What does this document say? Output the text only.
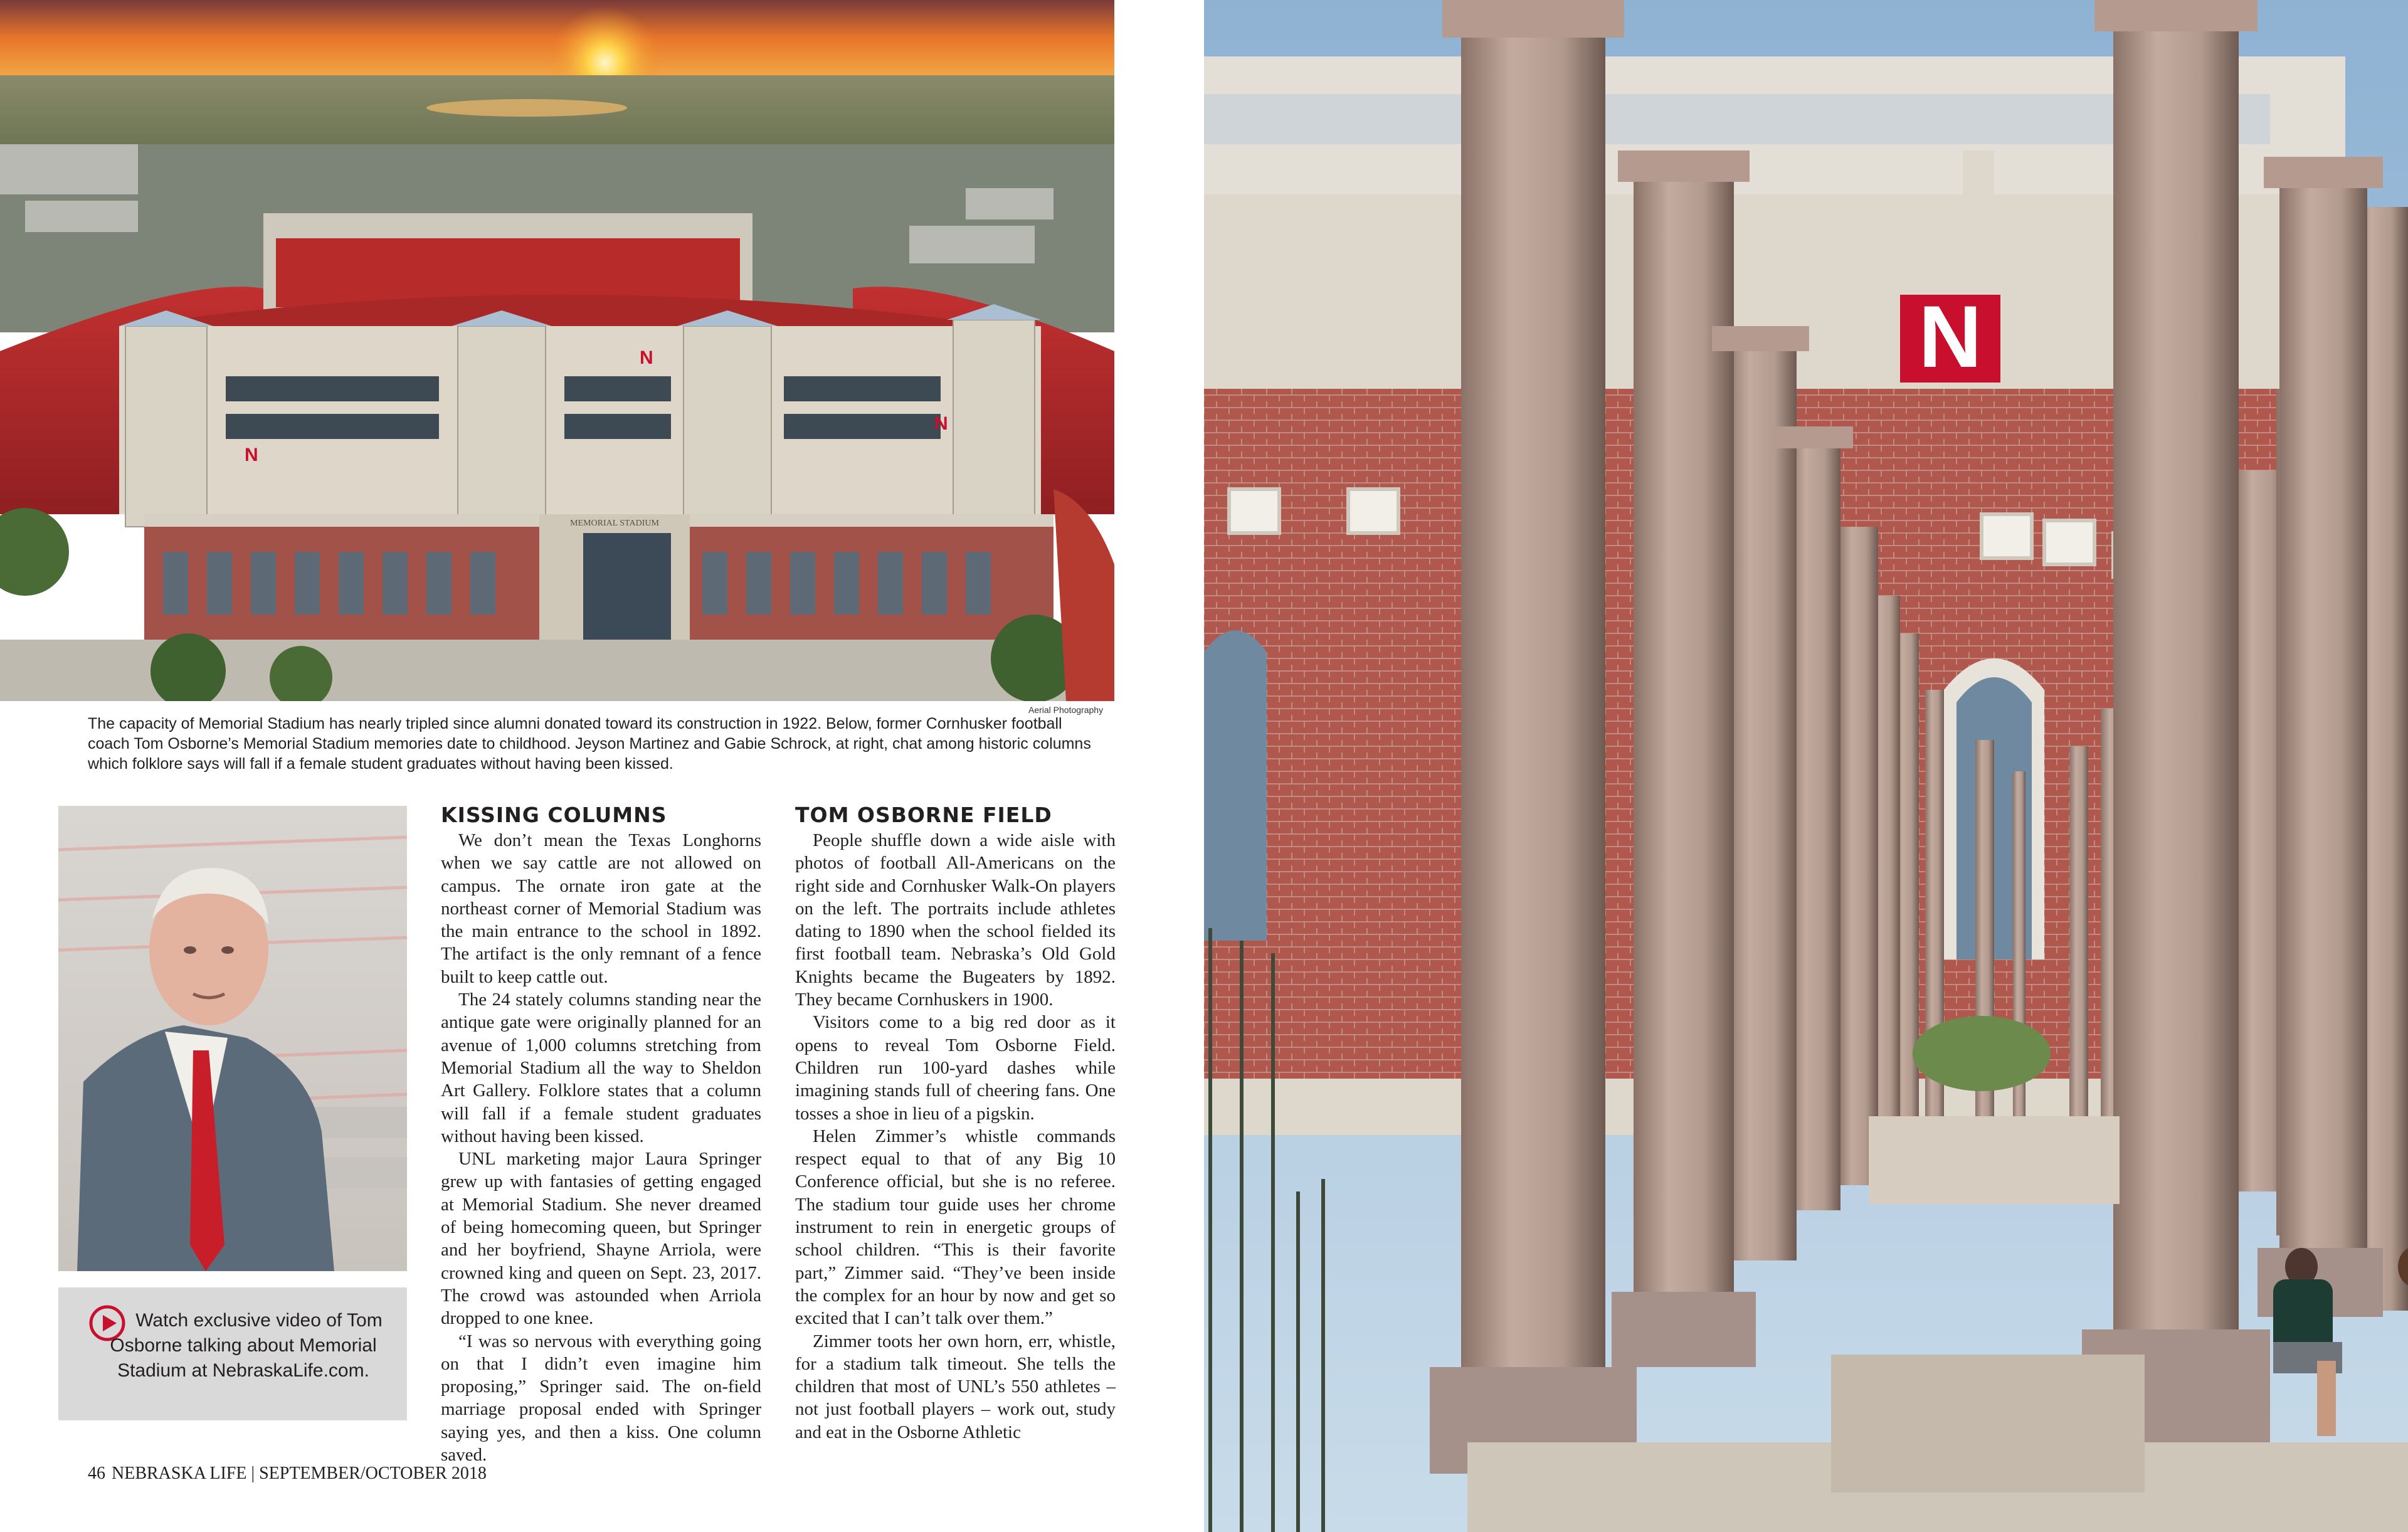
N
N
N
MEMORIAL STADIUM
Aerial Photography
The capacity of Memorial Stadium has nearly tripled since alumni donated toward its construction in 1922. Below, former Cornhusker football coach Tom Osborne’s Memorial Stadium memories date to childhood. Jeyson Martinez and Gabie Schrock, at right, chat among historic columns which folklore says will fall if a female student graduates without having been kissed.
Watch exclusive video of Tom Osborne talking about Memorial Stadium at NebraskaLife.com.
KISSING COLUMNS

We don’t mean the Texas Longhorns when we say cattle are not allowed on campus. The ornate iron gate at the northeast corner of Memorial Stadium was the main entrance to the school in 1892. The artifact is the only remnant of a fence built to keep cattle out.

The 24 stately columns standing near the antique gate were originally planned for an avenue of 1,000 columns stretching from Memorial Stadium all the way to Sheldon Art Gallery. Folklore states that a column will fall if a female student graduates without having been kissed.

UNL marketing major Laura Springer grew up with fantasies of getting engaged at Memorial Stadium. She never dreamed of being homecoming queen, but Springer and her boyfriend, Shayne Arriola, were crowned king and queen on Sept. 23, 2017. The crowd was astounded when Arriola dropped to one knee.

“I was so nervous with everything going on that I didn’t even imagine him proposing,” Springer said. The on-field marriage proposal ended with Springer saying yes, and then a kiss. One column saved.

TOM OSBORNE FIELD

People shuffle down a wide aisle with photos of football All-Americans on the right side and Cornhusker Walk-On players on the left. The portraits include athletes dating to 1890 when the school fielded its first football team. Nebraska’s Old Gold Knights became the Bugeaters by 1892. They became Cornhuskers in 1900.

Visitors come to a big red door as it opens to reveal Tom Osborne Field. Children run 100-yard dashes while imagining stands full of cheering fans. One tosses a shoe in lieu of a pigskin.

Helen Zimmer’s whistle commands respect equal to that of any Big 10 Conference official, but she is no referee. The stadium tour guide uses her chrome instrument to rein in energetic groups of school children. “This is their favorite part,” Zimmer said. “They’ve been inside the complex for an hour by now and get so excited that I can’t talk over them.”

Zimmer toots her own horn, err, whistle, for a stadium talk timeout. She tells the children that most of UNL’s 550 athletes – not just football players – work out, study and eat in the Osborne Athletic

46 NEBRASKA LIFE | SEPTEMBER/OCTOBER 2018
N
